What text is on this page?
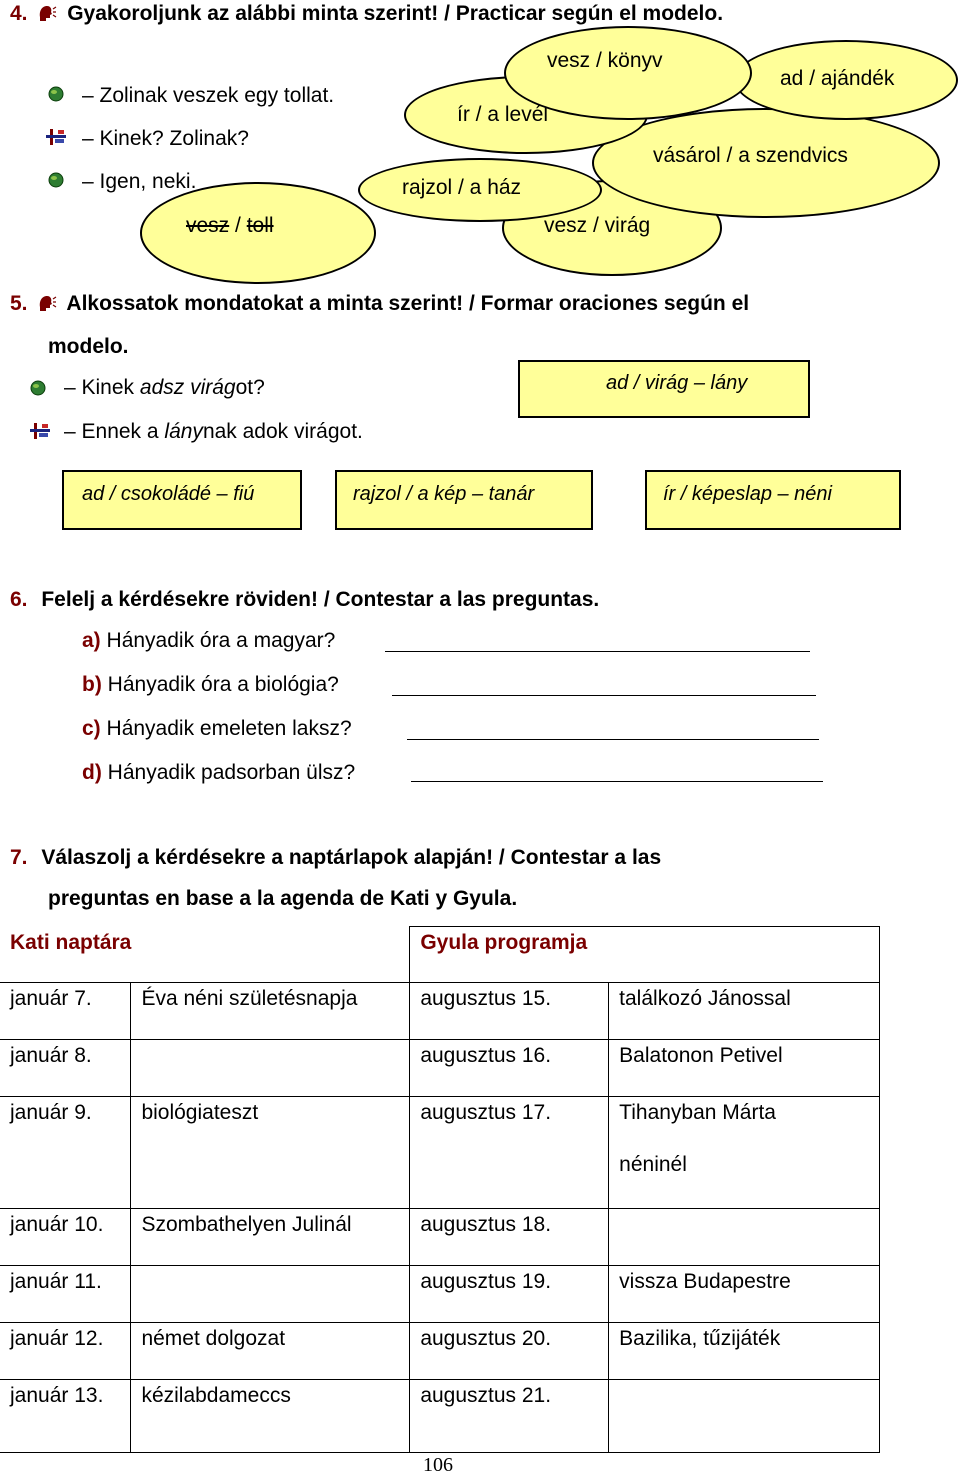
4. Gyakoroljunk az alábbi minta szerint! / Practicar según el modelo.
– Zolinak veszek egy tollat.
– Kinek? Zolinak?
– Igen, neki.
vesz / toll	vesz / virág
vásárol / a szendvics
ad / ajándék
rajzol / a ház
ír / a levél
vesz / könyv
5. Alkossatok mondatokat a minta szerint! / Formar oraciones según el
modelo.
– Kinek adsz virágot?
– Ennek a lánynak adok virágot.
ad / virág – lány
ad / csokoládé – fiú	rajzol / a kép – tanár	ír / képeslap – néni
6. Felelj a kérdésekre röviden! / Contestar a las preguntas.
a) Hányadik óra a magyar?
b) Hányadik óra a biológia?
c) Hányadik emeleten laksz?
d) Hányadik padsorban ülsz?
7. Válaszolj a kérdésekre a naptárlapok alapján! / Contestar a las
preguntas en base a la agenda de Kati y Gyula.
Kati naptára		Gyula programja	
január 7.	Éva néni születésnapja	augusztus 15.	találkozó Jánossal
január 8.		augusztus 16.	Balatonon Petivel
január 9.	biológiateszt	augusztus 17.	Tihanyban Márta
néninél

január 10.	Szombathelyen Julinál	augusztus 18.	
január 11.		augusztus 19.	vissza Budapestre
január 12.	német dolgozat	augusztus 20.	Bazilika, tűzijáték
január 13.	kézilabdameccs	augusztus 21.	
106
